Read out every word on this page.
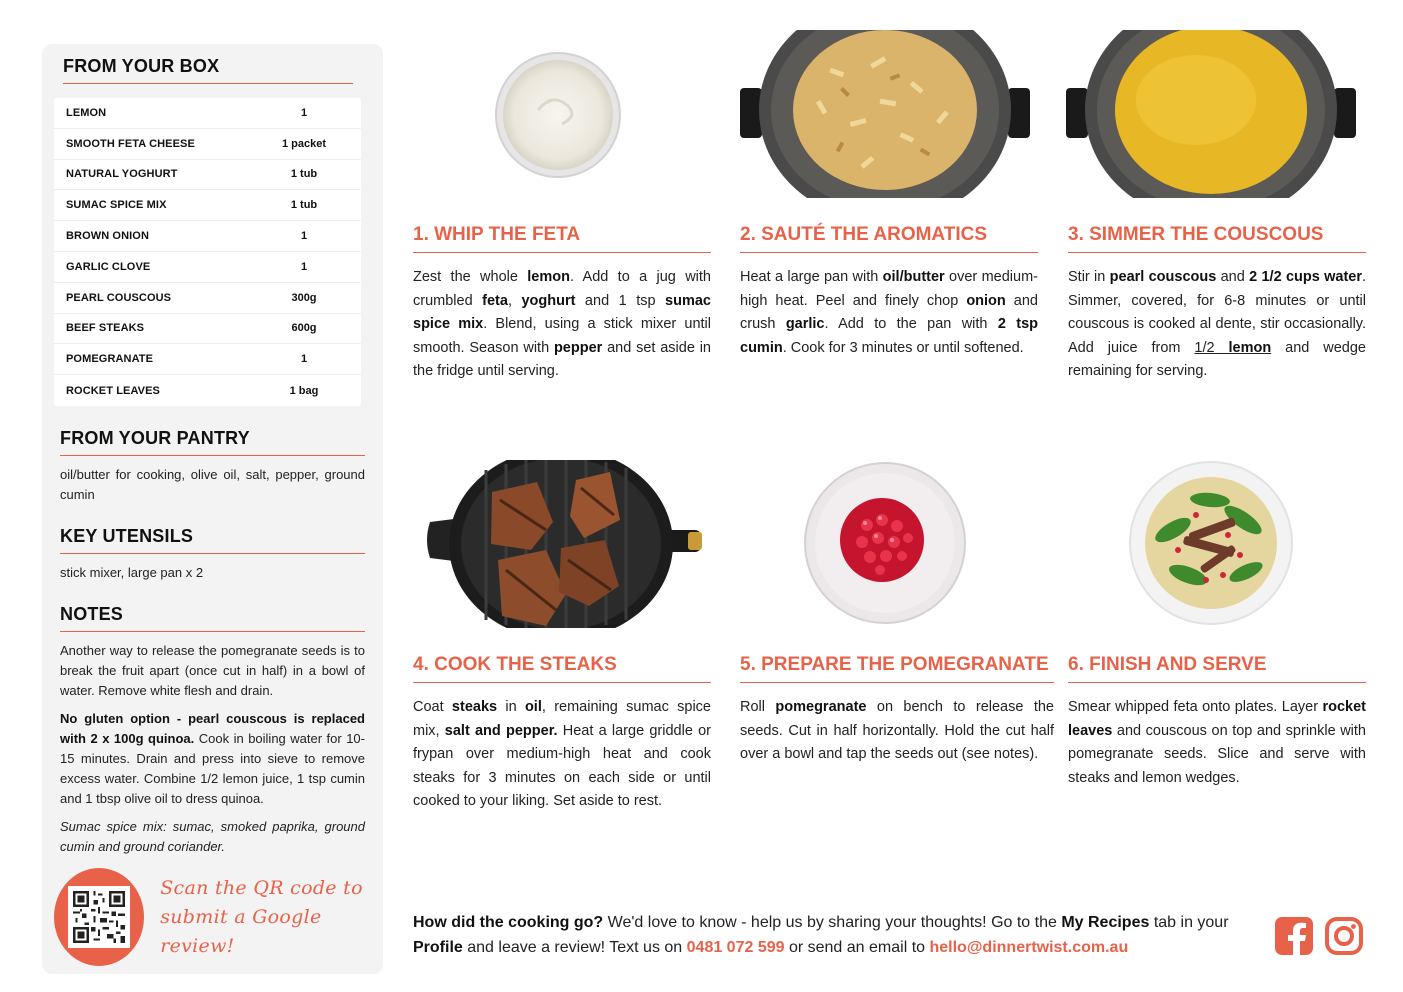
FROM YOUR BOX
LEMON	1
SMOOTH FETA CHEESE	1 packet
NATURAL YOGHURT	1 tub
SUMAC SPICE MIX	1 tub
BROWN ONION	1
GARLIC CLOVE	1
PEARL COUSCOUS	300g
BEEF STEAKS	600g
POMEGRANATE	1
ROCKET LEAVES	1 bag
FROM YOUR PANTRY
oil/butter for cooking, olive oil, salt, pepper, ground cumin
KEY UTENSILS
stick mixer, large pan x 2
NOTES
Another way to release the pomegranate seeds is to break the fruit apart (once cut in half) in a bowl of water. Remove white flesh and drain.
No gluten option - pearl couscous is replaced with 2 x 100g quinoa. Cook in boiling water for 10-15 minutes. Drain and press into sieve to remove excess water. Combine 1/2 lemon juice, 1 tsp cumin and 1 tbsp olive oil to dress quinoa.
Sumac spice mix: sumac, smoked paprika, ground cumin and ground coriander.
Scan the QR code to
submit a Google review!
1. WHIP THE FETA
Zest the whole lemon. Add to a jug with crumbled feta, yoghurt and 1 tsp sumac spice mix. Blend, using a stick mixer until smooth. Season with pepper and set aside in the fridge until serving.
2. SAUTÉ THE AROMATICS
Heat a large pan with oil/butter over medium-high heat. Peel and finely chop onion and crush garlic. Add to the pan with 2 tsp cumin. Cook for 3 minutes or until softened.
3. SIMMER THE COUSCOUS
Stir in pearl couscous and 2 1/2 cups water. Simmer, covered, for 6-8 minutes or until couscous is cooked al dente, stir occasionally. Add juice from 1/2 lemon and wedge remaining for serving.
4. COOK THE STEAKS
Coat steaks in oil, remaining sumac spice mix, salt and pepper. Heat a large griddle or frypan over medium-high heat and cook steaks for 3 minutes on each side or until cooked to your liking. Set aside to rest.
5. PREPARE THE POMEGRANATE
Roll pomegranate on bench to release the seeds. Cut in half horizontally. Hold the cut half over a bowl and tap the seeds out (see notes).
6. FINISH AND SERVE
Smear whipped feta onto plates. Layer rocket leaves and couscous on top and sprinkle with pomegranate seeds. Slice and serve with steaks and lemon wedges.
How did the cooking go? We'd love to know - help us by sharing your thoughts! Go to the My Recipes tab in your Profile and leave a review! Text us on 0481 072 599 or send an email to hello@dinnertwist.com.au
